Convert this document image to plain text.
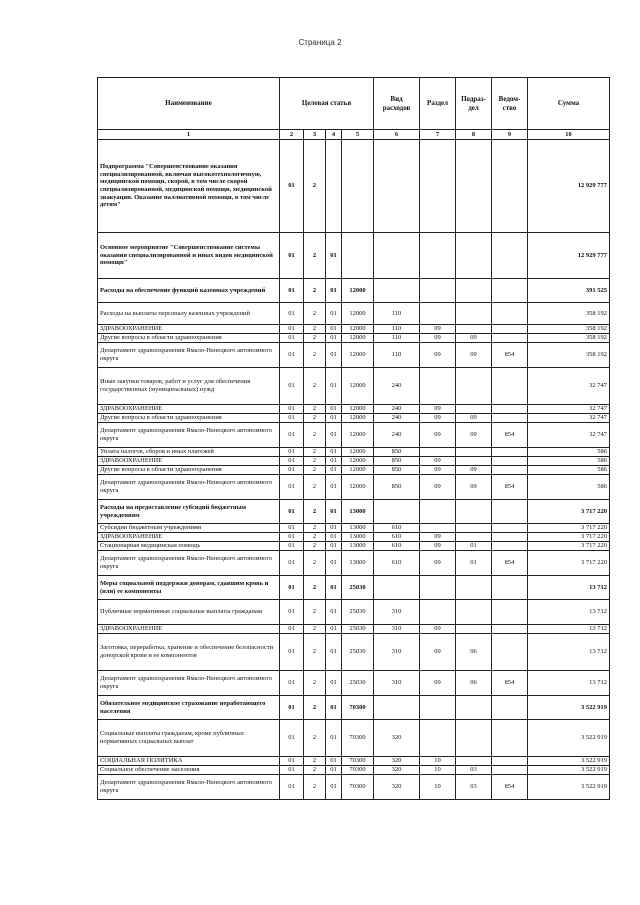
Страница 2
Наименование	Целевая статья				Вид расходов	Раздел	Подраз-дел	Ведом-ство	Сумма
1	2	3	4	5	6	7	8	9	10
Подпрограмма "Совершенствование оказания специализированной, включая высокотехнологичную, медицинской помощи, скорой, в том числе скорой специализированной, медицинской помощи, медицинской эвакуации. Оказание паллиативной помощи, в том числе детям"	01	2							12 929 777
Основное мероприятие "Совершенствование системы оказания специализированной и иных видов медицинской помощи"	01	2	01						12 929 777
Расходы на обеспечение функций казенных учреждений	01	2	01	12000					391 525
Расходы на выплаты персоналу казенных учреждений	01	2	01	12000	110				358 192
ЗДРАВООХРАНЕНИЕ	01	2	01	12000	110	09			358 192
Другие вопросы в области здравоохранения	01	2	01	12000	110	09	09		358 192
Департамент здравоохранения Ямало-Ненецкого автономного округа	01	2	01	12000	110	09	09	854	358 192
Иные закупки товаров, работ и услуг для обеспечения государственных (муниципальных) нужд	01	2	01	12000	240				32 747
ЗДРАВООХРАНЕНИЕ	01	2	01	12000	240	09			32 747
Другие вопросы в области здравоохранения	01	2	01	12000	240	09	09		32 747
Департамент здравоохранения Ямало-Ненецкого автономного округа	01	2	01	12000	240	09	09	854	32 747
Уплата налогов, сборов и иных платежей	01	2	01	12000	850				586
ЗДРАВООХРАНЕНИЕ	01	2	01	12000	850	09			586
Другие вопросы в области здравоохранения	01	2	01	12000	850	09	09		586
Департамент здравоохранения Ямало-Ненецкого автономного округа	01	2	01	12000	850	09	09	854	586
Расходы на предоставление субсидий бюджетным учреждениям	01	2	01	13000					3 717 220
Субсидии бюджетным учреждениям	01	2	01	13000	610				3 717 220
ЗДРАВООХРАНЕНИЕ	01	2	01	13000	610	09			3 717 220
Стационарная медицинская помощь	01	2	01	13000	610	09	01		3 717 220
Департамент здравоохранения Ямало-Ненецкого автономного округа	01	2	01	13000	610	09	01	854	3 717 220
Меры социальной поддержки донорам, сдавшим кровь и (или) ее компоненты	01	2	01	25030					13 712
Публичные нормативные социальные выплаты гражданам	01	2	01	25030	310				13 712
ЗДРАВООХРАНЕНИЕ	01	2	01	25030	310	09			13 712
Заготовка, переработка, хранение и обеспечение безопасности донорской крови и ее компонентов	01	2	01	25030	310	09	06		13 712
Департамент здравоохранения Ямало-Ненецкого автономного округа	01	2	01	25030	310	09	06	854	13 712
Обязательное медицинское страхование неработающего населения	01	2	01	70300					3 522 919
Социальные выплаты гражданам, кроме публичных нормативных социальных выплат	01	2	01	70300	320				3 522 919
СОЦИАЛЬНАЯ ПОЛИТИКА	01	2	01	70300	320	10			3 522 919
Социальное обеспечение населения	01	2	01	70300	320	10	03		3 522 919
Департамент здравоохранения Ямало-Ненецкого автономного округа	01	2	01	70300	320	10	03	854	3 522 919
